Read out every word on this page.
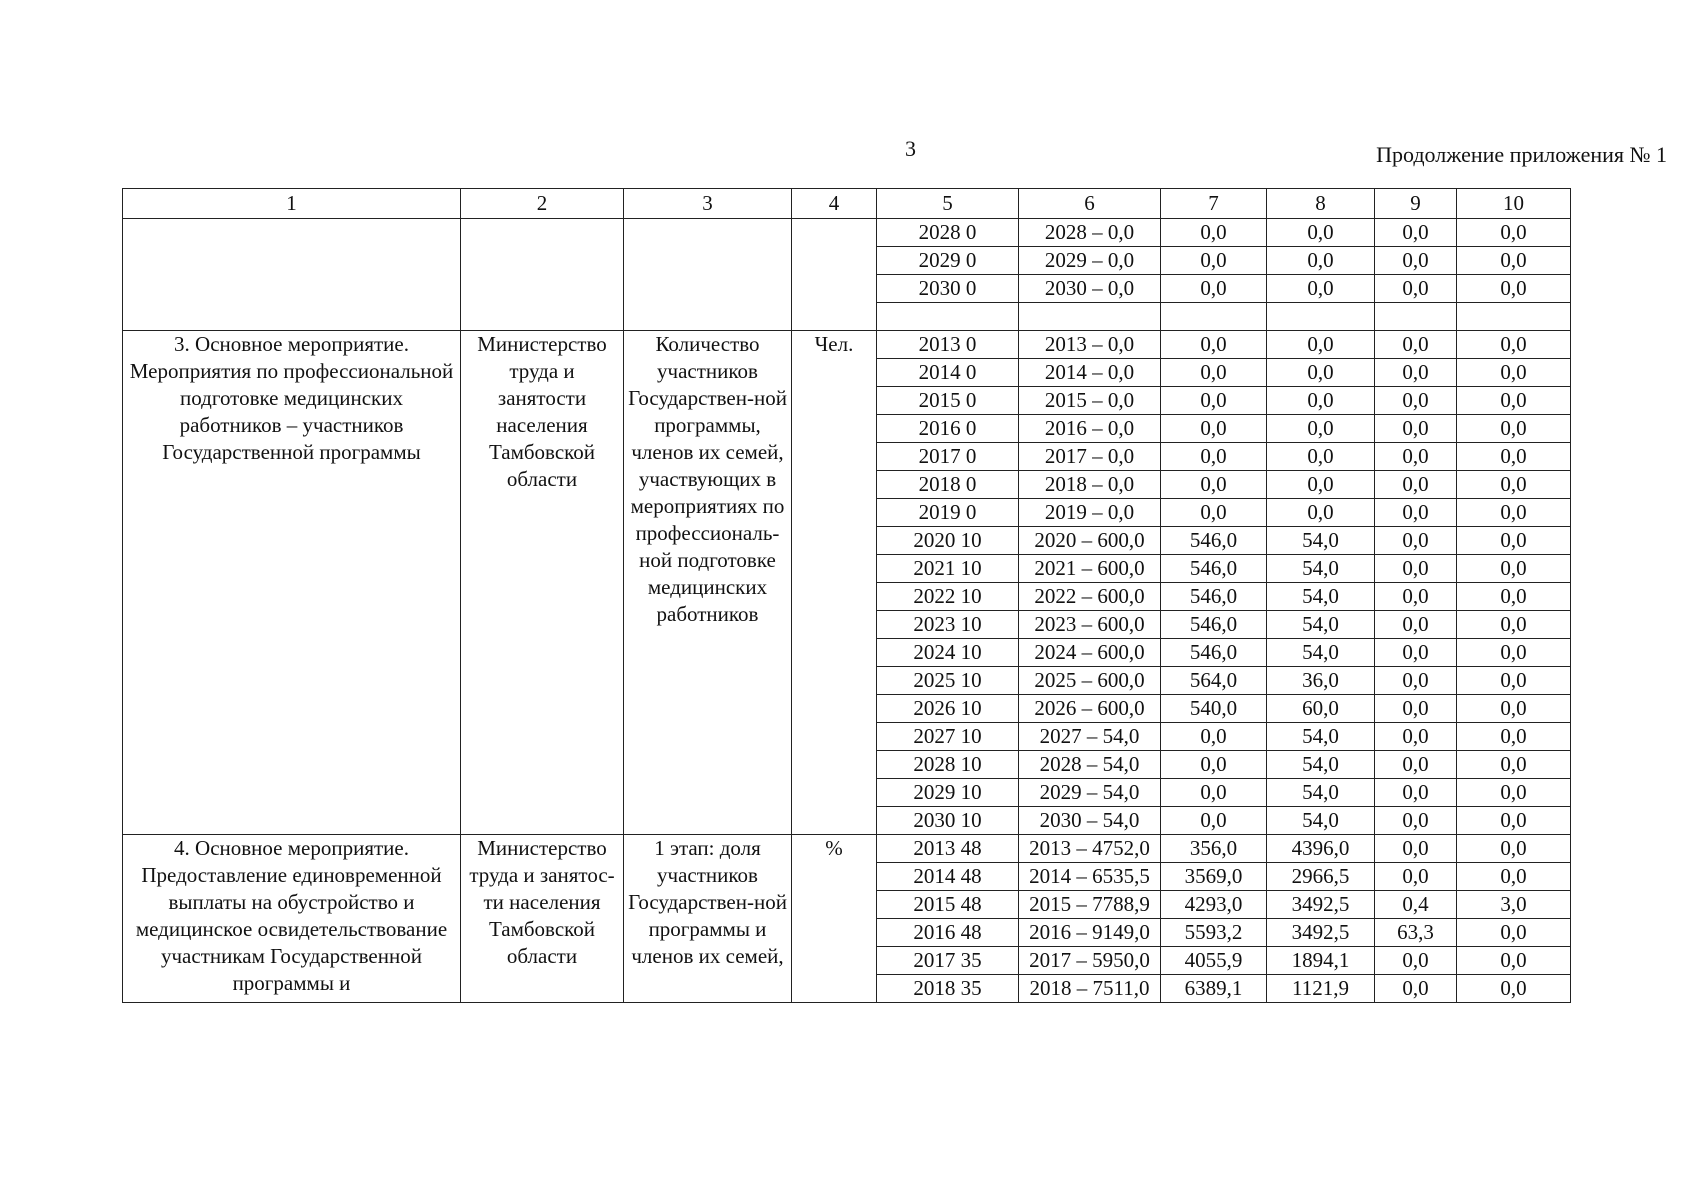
3	Продолжение приложения № 1
1	2	3	4	5	6	7	8	9	10
				2028 0	2028 – 0,0	0,0	0,0	0,0	0,0
				2029 0	2029 – 0,0	0,0	0,0	0,0	0,0
				2030 0	2030 – 0,0	0,0	0,0	0,0	0,0

3. Основное мероприятие. Мероприятия по профессиональной подготовке медицинских работников – участников Государственной программы	Министерство труда и занятости населения Тамбовской области	Количество участников Государствен-ной программы, членов их семей, участвующих в мероприятиях по профессиональ-ной подготовке медицинских работников	Чел.	2013 0	2013 – 0,0	0,0	0,0	0,0	0,0
				2014 0	2014 – 0,0	0,0	0,0	0,0	0,0
				2015 0	2015 – 0,0	0,0	0,0	0,0	0,0
				2016 0	2016 – 0,0	0,0	0,0	0,0	0,0
				2017 0	2017 – 0,0	0,0	0,0	0,0	0,0
				2018 0	2018 – 0,0	0,0	0,0	0,0	0,0
				2019 0	2019 – 0,0	0,0	0,0	0,0	0,0
				2020 10	2020 – 600,0	546,0	54,0	0,0	0,0
				2021 10	2021 – 600,0	546,0	54,0	0,0	0,0
				2022 10	2022 – 600,0	546,0	54,0	0,0	0,0
				2023 10	2023 – 600,0	546,0	54,0	0,0	0,0
				2024 10	2024 – 600,0	546,0	54,0	0,0	0,0
				2025 10	2025 – 600,0	564,0	36,0	0,0	0,0
				2026 10	2026 – 600,0	540,0	60,0	0,0	0,0
				2027 10	2027 – 54,0	0,0	54,0	0,0	0,0
				2028 10	2028 – 54,0	0,0	54,0	0,0	0,0
				2029 10	2029 – 54,0	0,0	54,0	0,0	0,0
				2030 10	2030 – 54,0	0,0	54,0	0,0	0,0
4. Основное мероприятие. Предоставление единовременной выплаты на обустройство и медицинское освидетельствование участникам Государственной программы и	Министерство труда и занятос-ти населения Тамбовской области	1 этап: доля участников Государствен-ной программы и членов их семей,	%	2013 48	2013 – 4752,0	356,0	4396,0	0,0	0,0
				2014 48	2014 – 6535,5	3569,0	2966,5	0,0	0,0
				2015 48	2015 – 7788,9	4293,0	3492,5	0,4	3,0
				2016 48	2016 – 9149,0	5593,2	3492,5	63,3	0,0
				2017 35	2017 – 5950,0	4055,9	1894,1	0,0	0,0
				2018 35	2018 – 7511,0	6389,1	1121,9	0,0	0,0
